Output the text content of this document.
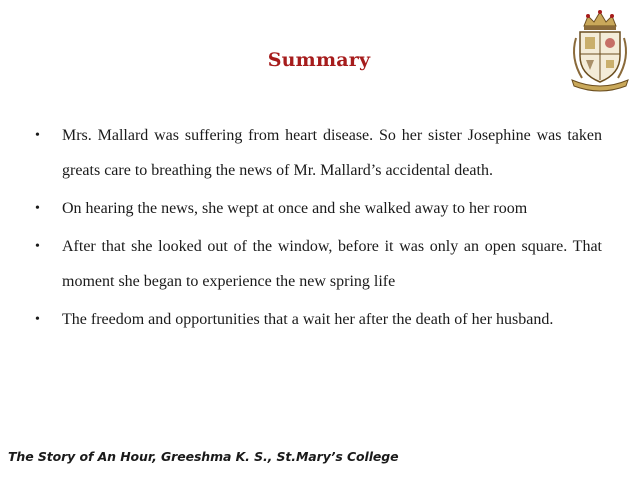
Summary
• Mrs. Mallard was suffering from heart disease. So her sister Josephine was taken greats care to breathing the news of Mr. Mallard’s accidental death.
• On hearing the news, she wept at once and she walked away to her room
• After that she looked out of the window, before it was only an open square. That moment she began to experience the new spring life
• The freedom and opportunities that a wait her after the death of her husband.
The Story of An Hour, Greeshma K. S., St.Mary’s College
